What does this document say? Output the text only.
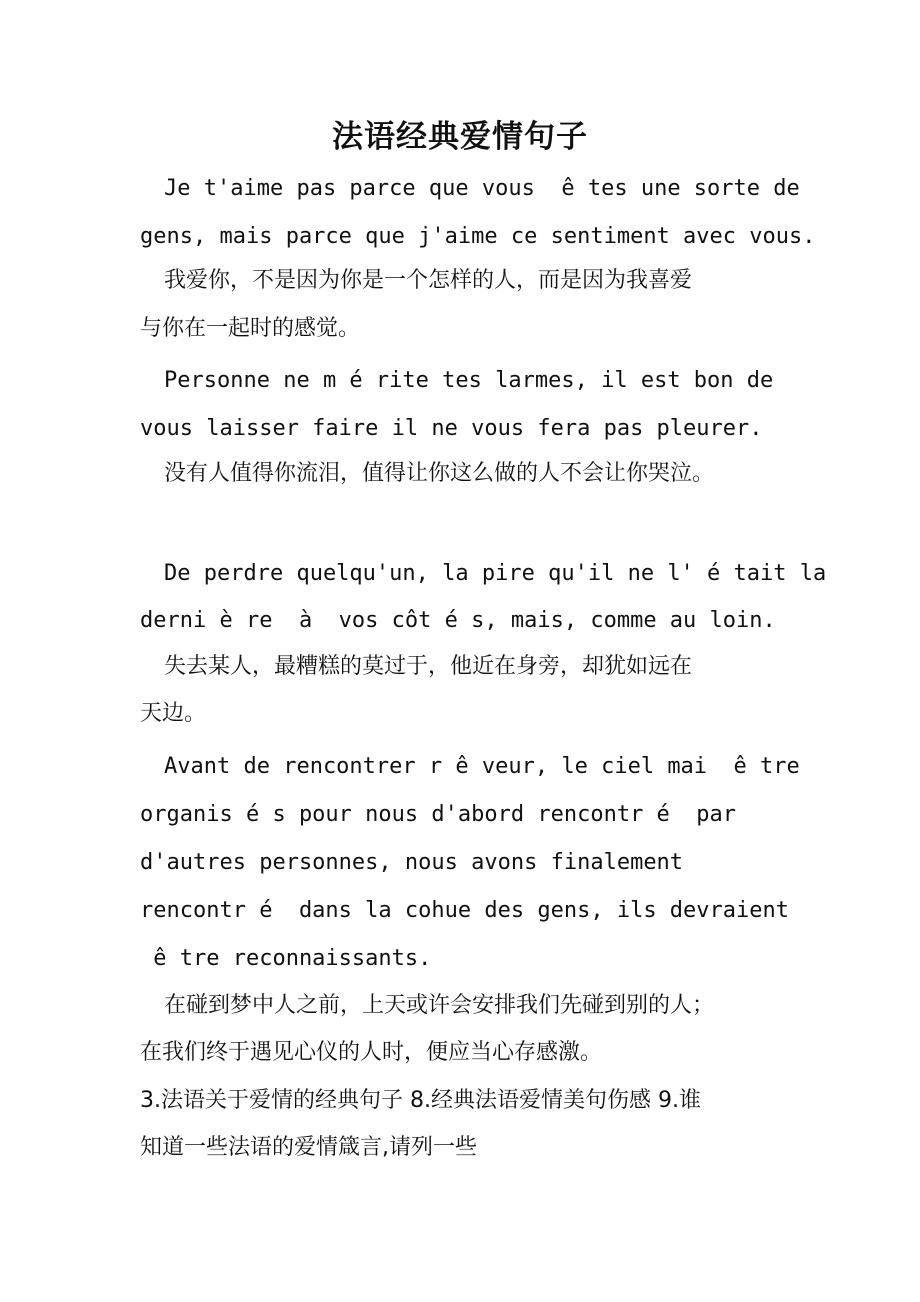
法语经典爱情句子
Je t'aime pas parce que vous  ê tes une sorte de
gens, mais parce que j'aime ce sentiment avec vous.
我爱你，不是因为你是一个怎样的人，而是因为我喜爱
与你在一起时的感觉。
Personne ne m é rite tes larmes, il est bon de
vous laisser faire il ne vous fera pas pleurer.
没有人值得你流泪，值得让你这么做的人不会让你哭泣。
De perdre quelqu'un, la pire qu'il ne l' é tait la
derni è re  à  vos côt é s, mais, comme au loin.
失去某人，最糟糕的莫过于，他近在身旁，却犹如远在
天边。
Avant de rencontrer r ê veur, le ciel mai  ê tre
organis é s pour nous d'abord rencontr é  par
d'autres personnes, nous avons finalement
rencontr é  dans la cohue des gens, ils devraient
ê tre reconnaissants.
在碰到梦中人之前，上天或许会安排我们先碰到别的人；
在我们终于遇见心仪的人时，便应当心存感激。
3.法语关于爱情的经典句子 8.经典法语爱情美句伤感 9.谁
知道一些法语的爱情箴言,请列一些
